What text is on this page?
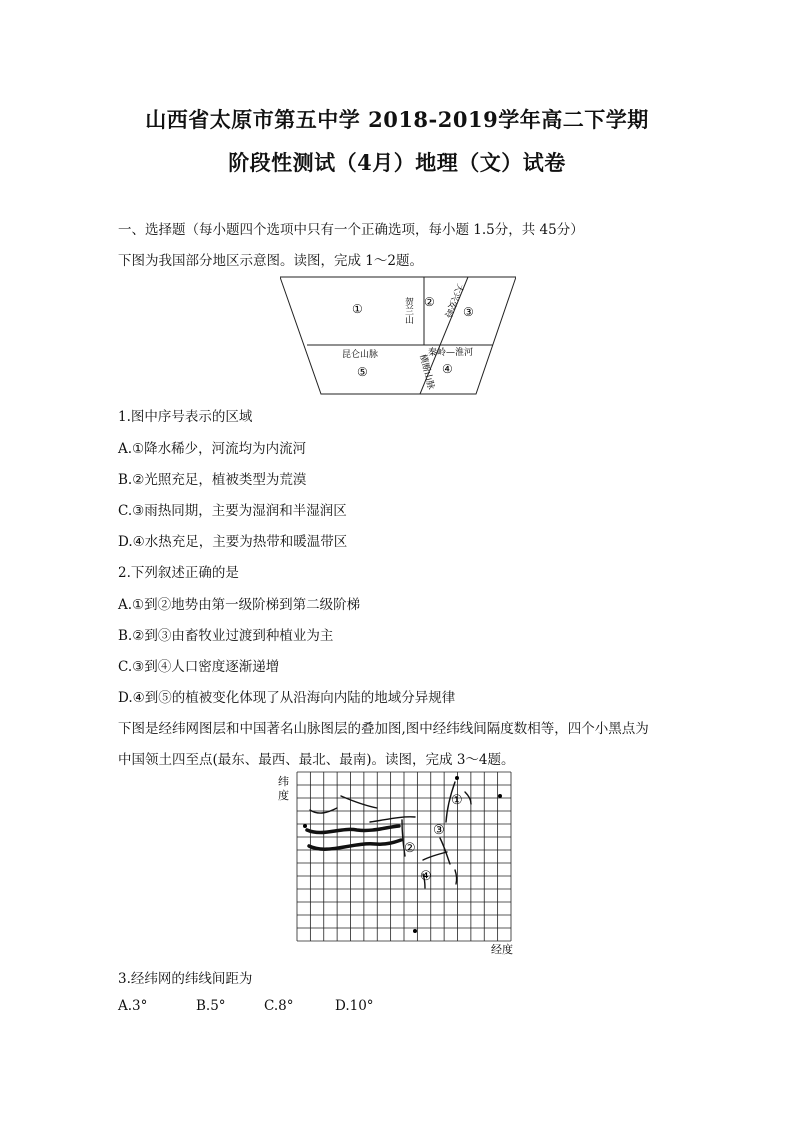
山西省太原市第五中学 2018-2019学年高二下学期
阶段性测试（4月）地理（文）试卷
一、选择题（每小题四个选项中只有一个正确选项，每小题 1.5分，共 45分）
下图为我国部分地区示意图。读图，完成 1～2题。
①	②
③
④
⑤
贺兰山
昆仑山脉	秦岭—淮河
大兴安岭
横断山脉
1.图中序号表示的区域
A.①降水稀少，河流均为内流河
B.②光照充足，植被类型为荒漠
C.③雨热同期，主要为湿润和半湿润区
D.④水热充足，主要为热带和暖温带区
2.下列叙述正确的是
A.①到②地势由第一级阶梯到第二级阶梯
B.②到③由畜牧业过渡到种植业为主
C.③到④人口密度逐渐递增
D.④到⑤的植被变化体现了从沿海向内陆的地域分异规律
下图是经纬网图层和中国著名山脉图层的叠加图,图中经纬线间隔度数相等，四个小黑点为
中国领土四至点(最东、最西、最北、最南)。读图，完成 3～4题。
纬
度
经度
①
②
③
④
3.经纬网的纬线间距为
A.3°	B.5°	C.8°	D.10°
